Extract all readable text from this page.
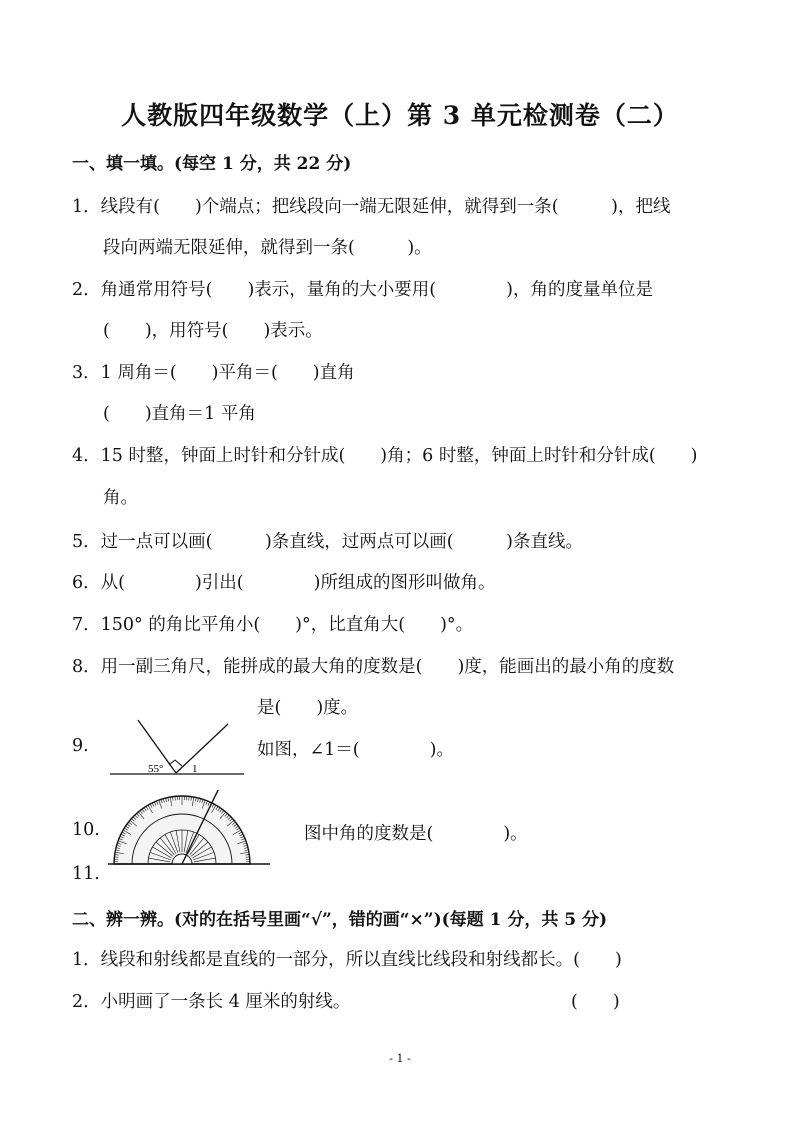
人教版四年级数学（上）第 3 单元检测卷（二）
一、填一填。(每空 1 分，共 22 分)
1．线段有(　　)个端点；把线段向一端无限延伸，就得到一条(　　　)，把线
段向两端无限延伸，就得到一条(　　　)。
2．角通常用符号(　　)表示，量角的大小要用(　　　　)，角的度量单位是
(　　)，用符号(　　)表示。
3．1 周角＝(　　)平角＝(　　)直角
(　　)直角＝1 平角
4．15 时整，钟面上时针和分针成(　　)角；6 时整，钟面上时针和分针成(　　)
角。
5．过一点可以画(　　　)条直线，过两点可以画(　　　)条直线。
6．从(　　　　)引出(　　　　)所组成的图形叫做角。
7．150° 的角比平角小(　　)°，比直角大(　　)°。
8．用一副三角尺，能拼成的最大角的度数是(　　)度，能画出的最小角的度数
是(　　)度。
9.
55°	1
如图，∠1＝(　　　　)。
10.	图中角的度数是(　　　　)。
11.
二、辨一辨。(对的在括号里画“√”，错的画“×”)(每题 1 分，共 5 分)
1．线段和射线都是直线的一部分，所以直线比线段和射线都长。(　　)
2．小明画了一条长 4 厘米的射线。	(　　)
- 1 -
